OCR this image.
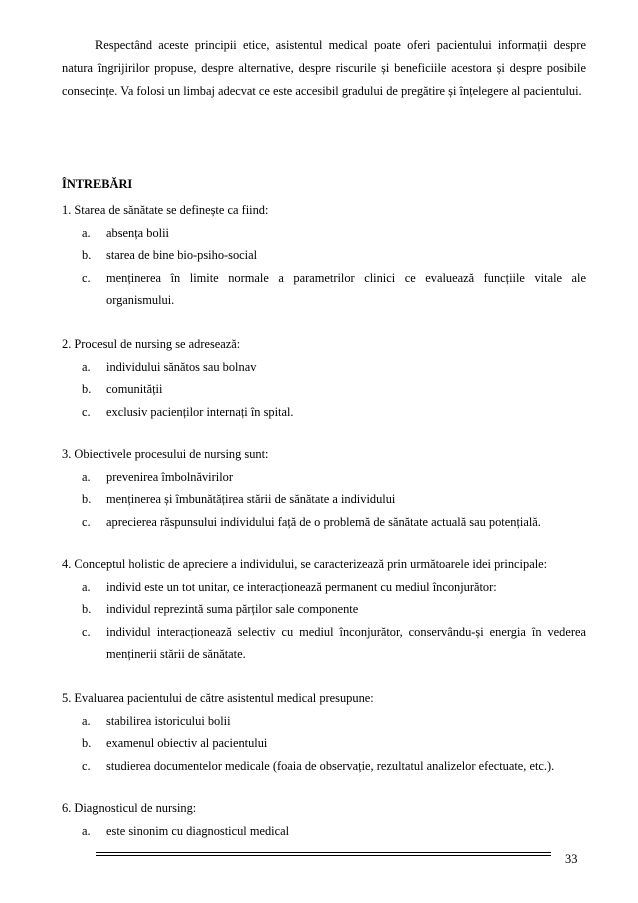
Respectând aceste principii etice, asistentul medical poate oferi pacientului informații despre natura îngrijirilor propuse, despre alternative, despre riscurile și beneficiile acestora și despre posibile consecințe. Va folosi un limbaj adecvat ce este accesibil gradului de pregătire și înțelegere al pacientului.

ÎNTREBĂRI
1. Starea de sănătate se definește ca fiind:
a.	absența bolii
b.	starea de bine bio-psiho-social
c.	menținerea în limite normale a parametrilor clinici ce evaluează funcțiile vitale ale organismului.
2. Procesul de nursing se adresează:
a.	individului sănătos sau bolnav
b.	comunității
c.	exclusiv pacienților internați în spital.
3. Obiectivele procesului de nursing sunt:
a.	prevenirea îmbolnăvirilor
b.	menținerea și îmbunătățirea stării de sănătate a individului
c.	aprecierea răspunsului individului față de o problemă de sănătate actuală sau potențială.
4. Conceptul holistic de apreciere a individului, se caracterizează prin următoarele idei principale:
a.	individ este un tot unitar, ce interacționează permanent cu mediul înconjurător:
b.	individul reprezintă suma părților sale componente
c.	individul interacționează selectiv cu mediul înconjurător, conservându-și energia în vederea menținerii stării de sănătate.
5. Evaluarea pacientului de către asistentul medical presupune:
a.	stabilirea istoricului bolii
b.	examenul obiectiv al pacientului
c.	studierea documentelor medicale (foaia de observație, rezultatul analizelor efectuate, etc.).
6. Diagnosticul de nursing:
a.	este sinonim cu diagnosticul medical
33
